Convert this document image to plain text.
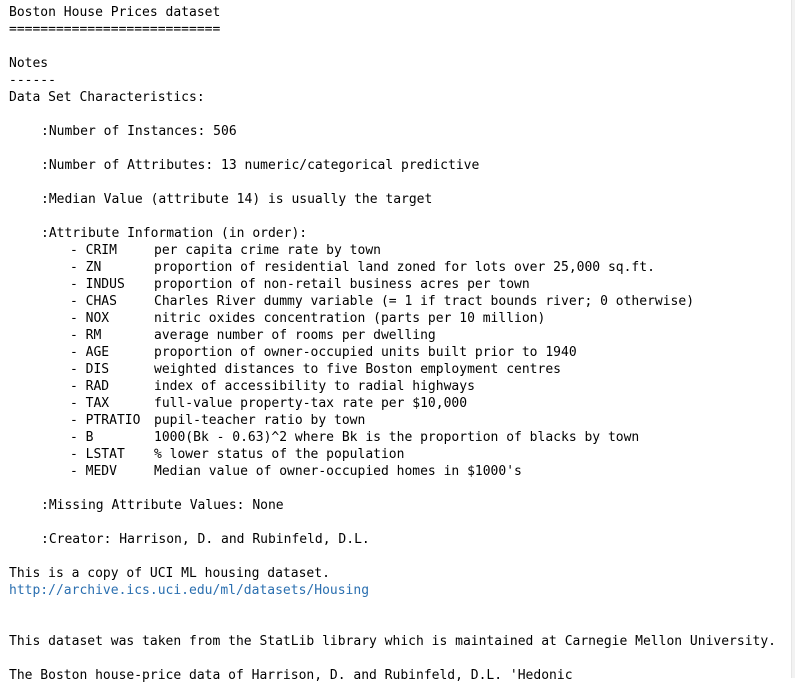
Boston House Prices dataset
===========================
Notes
------
Data Set Characteristics:
:Number of Instances: 506
:Number of Attributes: 13 numeric/categorical predictive
:Median Value (attribute 14) is usually the target
:Attribute Information (in order):
- CRIM	per capita crime rate by town
- ZN	proportion of residential land zoned for lots over 25,000 sq.ft.
- INDUS proportion of non-retail business acres per town
- CHAS	Charles River dummy variable (= 1 if tract bounds river; 0 otherwise)
- NOX	nitric oxides concentration (parts per 10 million)
- RM	average number of rooms per dwelling
- AGE	proportion of owner-occupied units built prior to 1940
- DIS	weighted distances to five Boston employment centres
- RAD	index of accessibility to radial highways
- TAX	full-value property-tax rate per $10,000
- PTRATIO pupil-teacher ratio by town
- B	1000(Bk - 0.63)^2 where Bk is the proportion of blacks by town
- LSTAT % lower status of the population
- MEDV	Median value of owner-occupied homes in $1000's
:Missing Attribute Values: None
:Creator: Harrison, D. and Rubinfeld, D.L.
This is a copy of UCI ML housing dataset.
http://archive.ics.uci.edu/ml/datasets/Housing
This dataset was taken from the StatLib library which is maintained at Carnegie Mellon University.
The Boston house-price data of Harrison, D. and Rubinfeld, D.L. 'Hedonic
